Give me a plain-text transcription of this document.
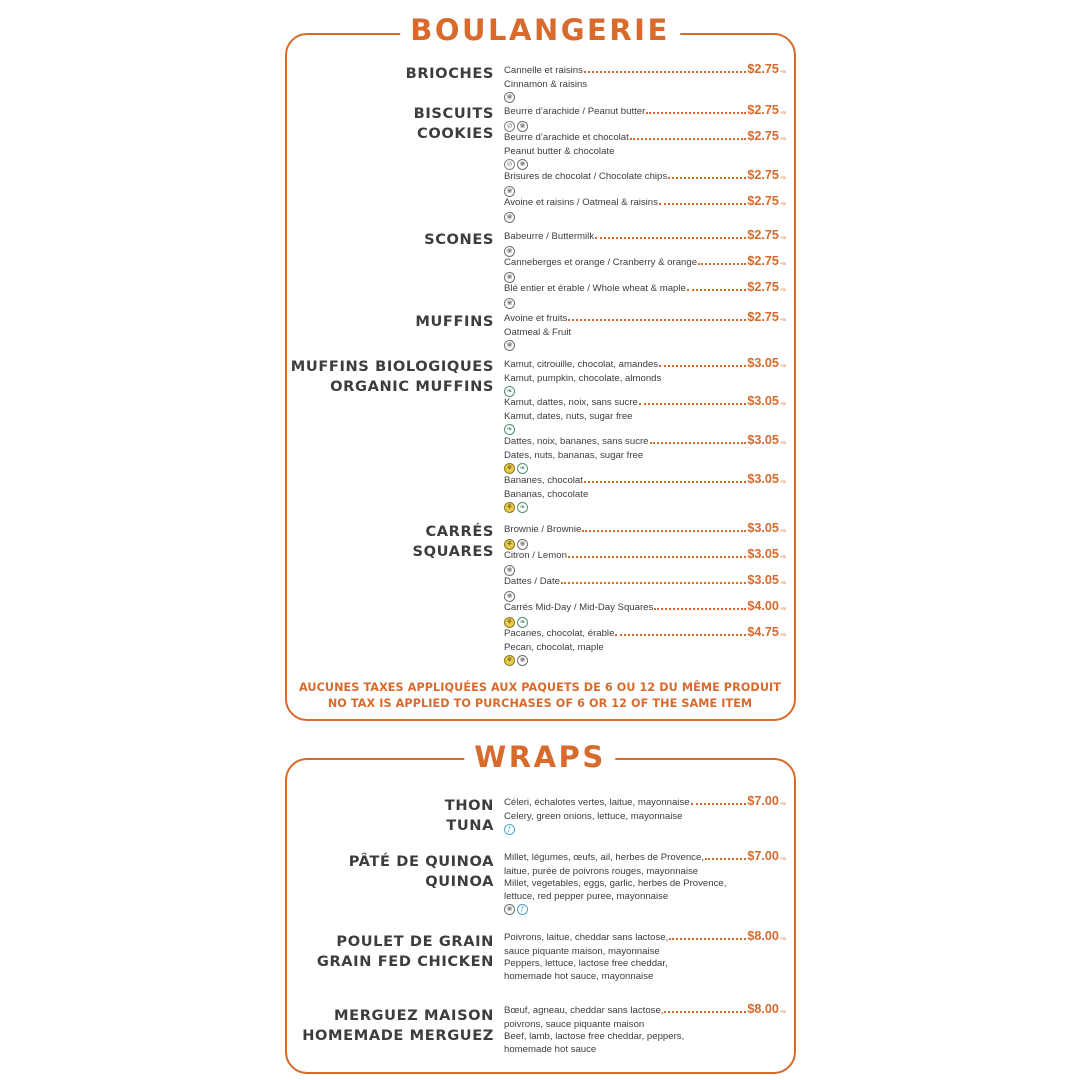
BOULANGERIE
WRAPS
BRIOCHES Cannelle et raisins	$2.75 +tx
Cinnamon & raisins
❀
BISCUITS
COOKIES
Beurre d’arachide / Peanut butter	$2.75 +tx
⊘	❀
Beurre d’arachide et chocolat	$2.75 +tx
Peanut butter & chocolate
⊘	❀
Brisures de chocolat / Chocolate chips	$2.75 +tx
❀
Avoine et raisins / Oatmeal & raisins	$2.75 +tx
❀
SCONES Babeurre / Buttermilk	$2.75 +tx
❀
Canneberges et orange / Cranberry & orange	$2.75 +tx
❀
Blé entier et érable / Whole wheat & maple	$2.75 +tx
❀
MUFFINS Avoine et fruits	$2.75 +tx
Oatmeal & Fruit
❀
MUFFINS BIOLOGIQUES
ORGANIC MUFFINS
Kamut, citrouille, chocolat, amandes	$3.05 +tx
Kamut, pumpkin, chocolate, almonds
❧
Kamut, dattes, noix, sans sucre	$3.05 +tx
Kamut, dates, nuts, sugar free
❧
Dattes, noix, bananes, sans sucre	$3.05 +tx
Dates, nuts, bananas, sugar free
⚘ ❧
Bananes, chocolat	$3.05 +tx
Bananas, chocolate
⚘ ❧
CARRÉS
SQUARES
Brownie / Brownie	$3.05 +tx
⚘ ❀
Citron / Lemon	$3.05 +tx
❀
Dattes / Date	$3.05 +tx
❀
Carrés Mid-Day / Mid-Day Squares	$4.00 +tx
⚘ ❧
Pacanes, chocolat, érable	$4.75 +tx
Pecan, chocolat, maple
⚘ ❀
THON
TUNA
Céleri, échalotes vertes, laitue, mayonnaise	$7.00 +tx
Celery, green onions, lettuce, mayonnaise
ƒ
PÂTÉ DE QUINOA
QUINOA
Millet, légumes, œufs, ail, herbes de Provence,	$7.00 +tx
laitue, purée de poivrons rouges, mayonnaise
Millet, vegetables, eggs, garlic, herbes de Provence,
lettuce, red pepper puree, mayonnaise
❀	ƒ
POULET DE GRAIN
GRAIN FED CHICKEN
Poivrons, laitue, cheddar sans lactose,	$8.00 +tx
sauce piquante maison, mayonnaise
Peppers, lettuce, lactose free cheddar,
homemade hot sauce, mayonnaise
MERGUEZ MAISON
HOMEMADE MERGUEZ
Bœuf, agneau, cheddar sans lactose,	$8.00 +tx
poivrons, sauce piquante maison
Beef, lamb, lactose free cheddar, peppers,
homemade hot sauce
AUCUNES TAXES APPLIQUÉES AUX PAQUETS DE 6 OU 12 DU MÊME PRODUIT
NO TAX IS APPLIED TO PURCHASES OF 6 OR 12 OF THE SAME ITEM
